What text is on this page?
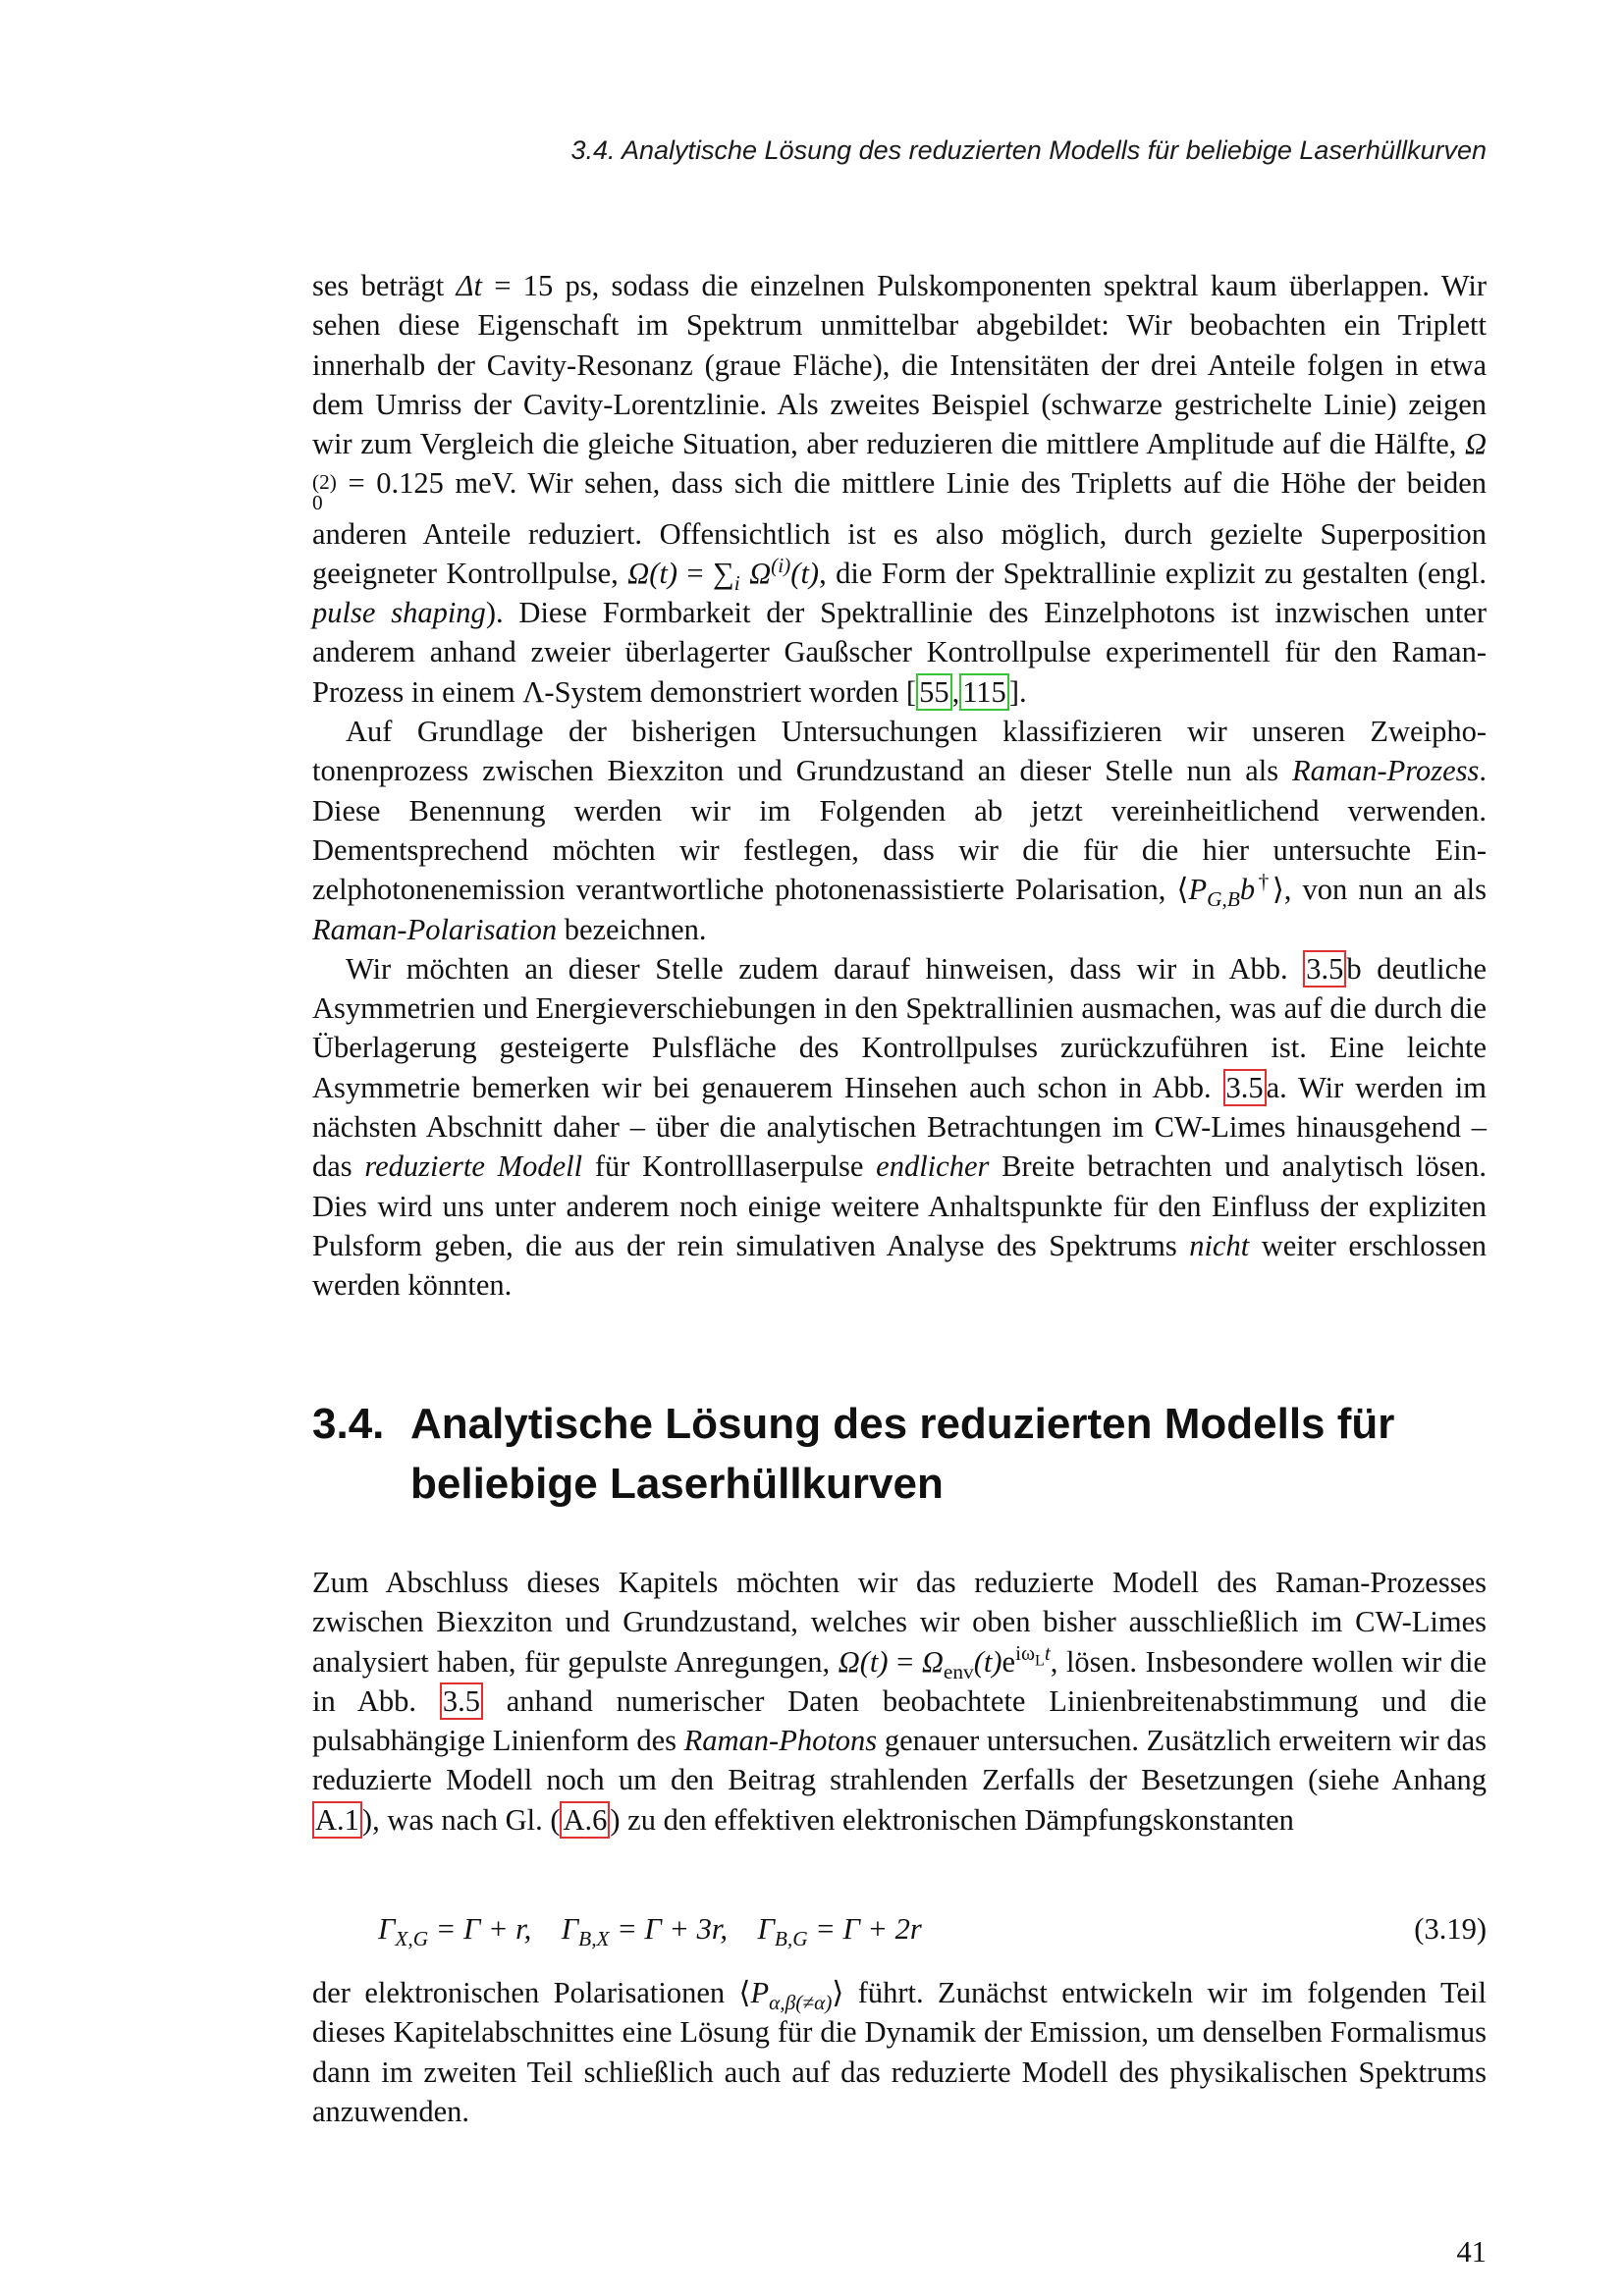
3.4. Analytische Lösung des reduzierten Modells für beliebige Laserhüllkurven

ses beträgt Δt = 15 ps, sodass die einzelnen Pulskomponenten spektral kaum überlappen. Wir sehen diese Eigenschaft im Spektrum unmittelbar abgebildet: Wir beobachten ein Triplett innerhalb der Cavity-Resonanz (graue Fläche), die Intensitäten der drei Anteile folgen in etwa dem Umriss der Cavity-Lorentzlinie. Als zweites Beispiel (schwarze gestrichelte Linie) zeigen wir zum Vergleich die gleiche Situation, aber reduzieren die mittlere Amplitude auf die Hälfte, Ω
(2)
0
= 0.125 meV. Wir sehen, dass sich die mittlere Linie des Tripletts auf die Höhe der beiden anderen Anteile reduziert. Offensichtlich ist es also möglich, durch gezielte Superposition geeigneter Kontrollpulse, $\Omega(t) = \sum_i$ $\Omega^{(i)}(t)$, die Form der Spektrallinie explizit zu gestalten (engl. pulse shaping). Diese Formbarkeit der Spektrallinie des Einzelphotons ist inzwischen unter anderem anhand zweier überlagerter Gaußscher Kontrollpulse experimentell für den Raman-Prozess in einem Λ-System demonstriert worden [55,115].

Auf Grundlage der bisherigen Untersuchungen klassifizieren wir unseren Zweiphotonenprozess zwischen Biexziton und Grundzustand an dieser Stelle nun als Raman-Prozess. Diese Benennung werden wir im Folgenden ab jetzt vereinheitlichend verwenden. Dementsprechend möchten wir festlegen, dass wir die für die hier untersuchte Einzelphotonenemission verantwortliche photonenassistierte Polarisation, $⟨P_{G,B}b^\dagger⟩$, von nun an als Raman-Polarisation bezeichnen.

Wir möchten an dieser Stelle zudem darauf hinweisen, dass wir in Abb. 3.5b deutliche Asymmetrien und Energieverschiebungen in den Spektrallinien ausmachen, was auf die durch die Überlagerung gesteigerte Pulsfläche des Kontrollpulses zurückzuführen ist. Eine leichte Asymmetrie bemerken wir bei genauerem Hinsehen auch schon in Abb. 3.5a. Wir werden im nächsten Abschnitt daher – über die analytischen Betrachtungen im CW-Limes hinausgehend – das reduzierte Modell für Kontrolllaserpulse endlicher Breite betrachten und analytisch lösen. Dies wird uns unter anderem noch einige weitere Anhaltspunkte für den Einfluss der expliziten Pulsform geben, die aus der rein simulativen Analyse des Spektrums nicht weiter erschlossen werden könnten.

3.4. Analytische Lösung des reduzierten Modells für beliebige Laserhüllkurven

Zum Abschluss dieses Kapitels möchten wir das reduzierte Modell des Raman-Prozesses zwischen Biexziton und Grundzustand, welches wir oben bisher ausschließlich im CW-Limes analysiert haben, für gepulste Anregungen, $\Omega(t) = \Omega_{env}(t)e^{i\omega_Lt}$, lösen. Insbesondere wollen wir die in Abb. 3.5 anhand numerischer Daten beobachtete Linienbreitenabstimmung und die pulsabhängige Linienform des Raman-Photons genauer untersuchen. Zusätzlich erweitern wir das reduzierte Modell noch um den Beitrag strahlenden Zerfalls der Besetzungen (siehe Anhang A.1), was nach Gl. (A.6) zu den effektiven elektronischen Dämpfungskonstanten

$\Gamma_{X,G} = \Gamma + r$, $\Gamma_{B,X} = \Gamma + 3r$, $\Gamma_{B,G} = \Gamma + 2r$	(3.19)

der elektronischen Polarisationen $⟨P_{\alpha,\beta(\ne\alpha)}⟩$ führt. Zunächst entwickeln wir im folgenden Teil dieses Kapitelabschnittes eine Lösung für die Dynamik der Emission, um denselben Formalismus dann im zweiten Teil schließlich auch auf das reduzierte Modell des physikalischen Spektrums anzuwenden.

41
